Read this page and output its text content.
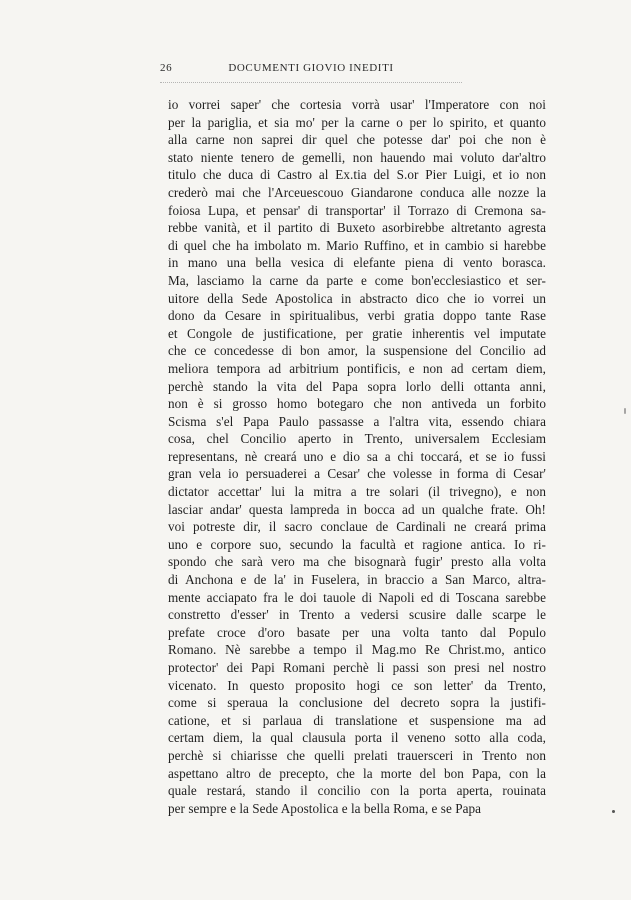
26	DOCUMENTI GIOVIO INEDITI
io vorrei saper' che cortesia vorrà usar' l'Imperatore con noi
per la pariglia, et sia mo' per la carne o per lo spirito, et quanto
alla carne non saprei dir quel che potesse dar' poi che non è
stato niente tenero de gemelli, non hauendo mai voluto dar'altro
titulo che duca di Castro al Ex.tia del S.or Pier Luigi, et io non
crederò mai che l'Arceuescouo Giandarone conduca alle nozze la
foiosa Lupa, et pensar' di transportar' il Torrazo di Cremona sa-
rebbe vanità, et il partito di Buxeto asorbirebbe altretanto agresta
di quel che ha imbolato m. Mario Ruffino, et in cambio si harebbe
in mano una bella vesica di elefante piena di vento borasca.
Ma, lasciamo la carne da parte e come bon'ecclesiastico et ser-
uitore della Sede Apostolica in abstracto dico che io vorrei un
dono da Cesare in spiritualibus, verbi gratia doppo tante Rase
et Congole de justificatione, per gratie inherentis vel imputate
che ce concedesse di bon amor, la suspensione del Concilio ad
meliora tempora ad arbitrium pontificis, e non ad certam diem,
perchè stando la vita del Papa sopra lorlo delli ottanta anni,
non è si grosso homo botegaro che non antiveda un forbito
Scisma s'el Papa Paulo passasse a l'altra vita, essendo chiara
cosa, chel Concilio aperto in Trento, universalem Ecclesiam
representans, nè creará uno e dio sa a chi toccará, et se io fussi
gran vela io persuaderei a Cesar' che volesse in forma di Cesar'
dictator accettar' lui la mitra a tre solari (il trivegno), e non
lasciar andar' questa lampreda in bocca ad un qualche frate. Oh!
voi potreste dir, il sacro conclaue de Cardinali ne creará prima
uno e corpore suo, secundo la facultà et ragione antica. Io ri-
spondo che sarà vero ma che bisognarà fugir' presto alla volta
di Anchona e de la' in Fuselera, in braccio a San Marco, altra-
mente acciapato fra le doi tauole di Napoli ed di Toscana sarebbe
constretto d'esser' in Trento a vedersi scusire dalle scarpe le
prefate croce d'oro basate per una volta tanto dal Populo
Romano. Nè sarebbe a tempo il Mag.mo Re Christ.mo, antico
protector' dei Papi Romani perchè li passi son presi nel nostro
vicenato. In questo proposito hogi ce son letter' da Trento,
come si speraua la conclusione del decreto sopra la justifi-
catione, et si parlaua di translatione et suspensione ma ad
certam diem, la qual clausula porta il veneno sotto alla coda,
perchè si chiarisse che quelli prelati trauersceri in Trento non
aspettano altro de precepto, che la morte del bon Papa, con la
quale restará, stando il concilio con la porta aperta, rouinata
per sempre e la Sede Apostolica e la bella Roma, e se Papa
